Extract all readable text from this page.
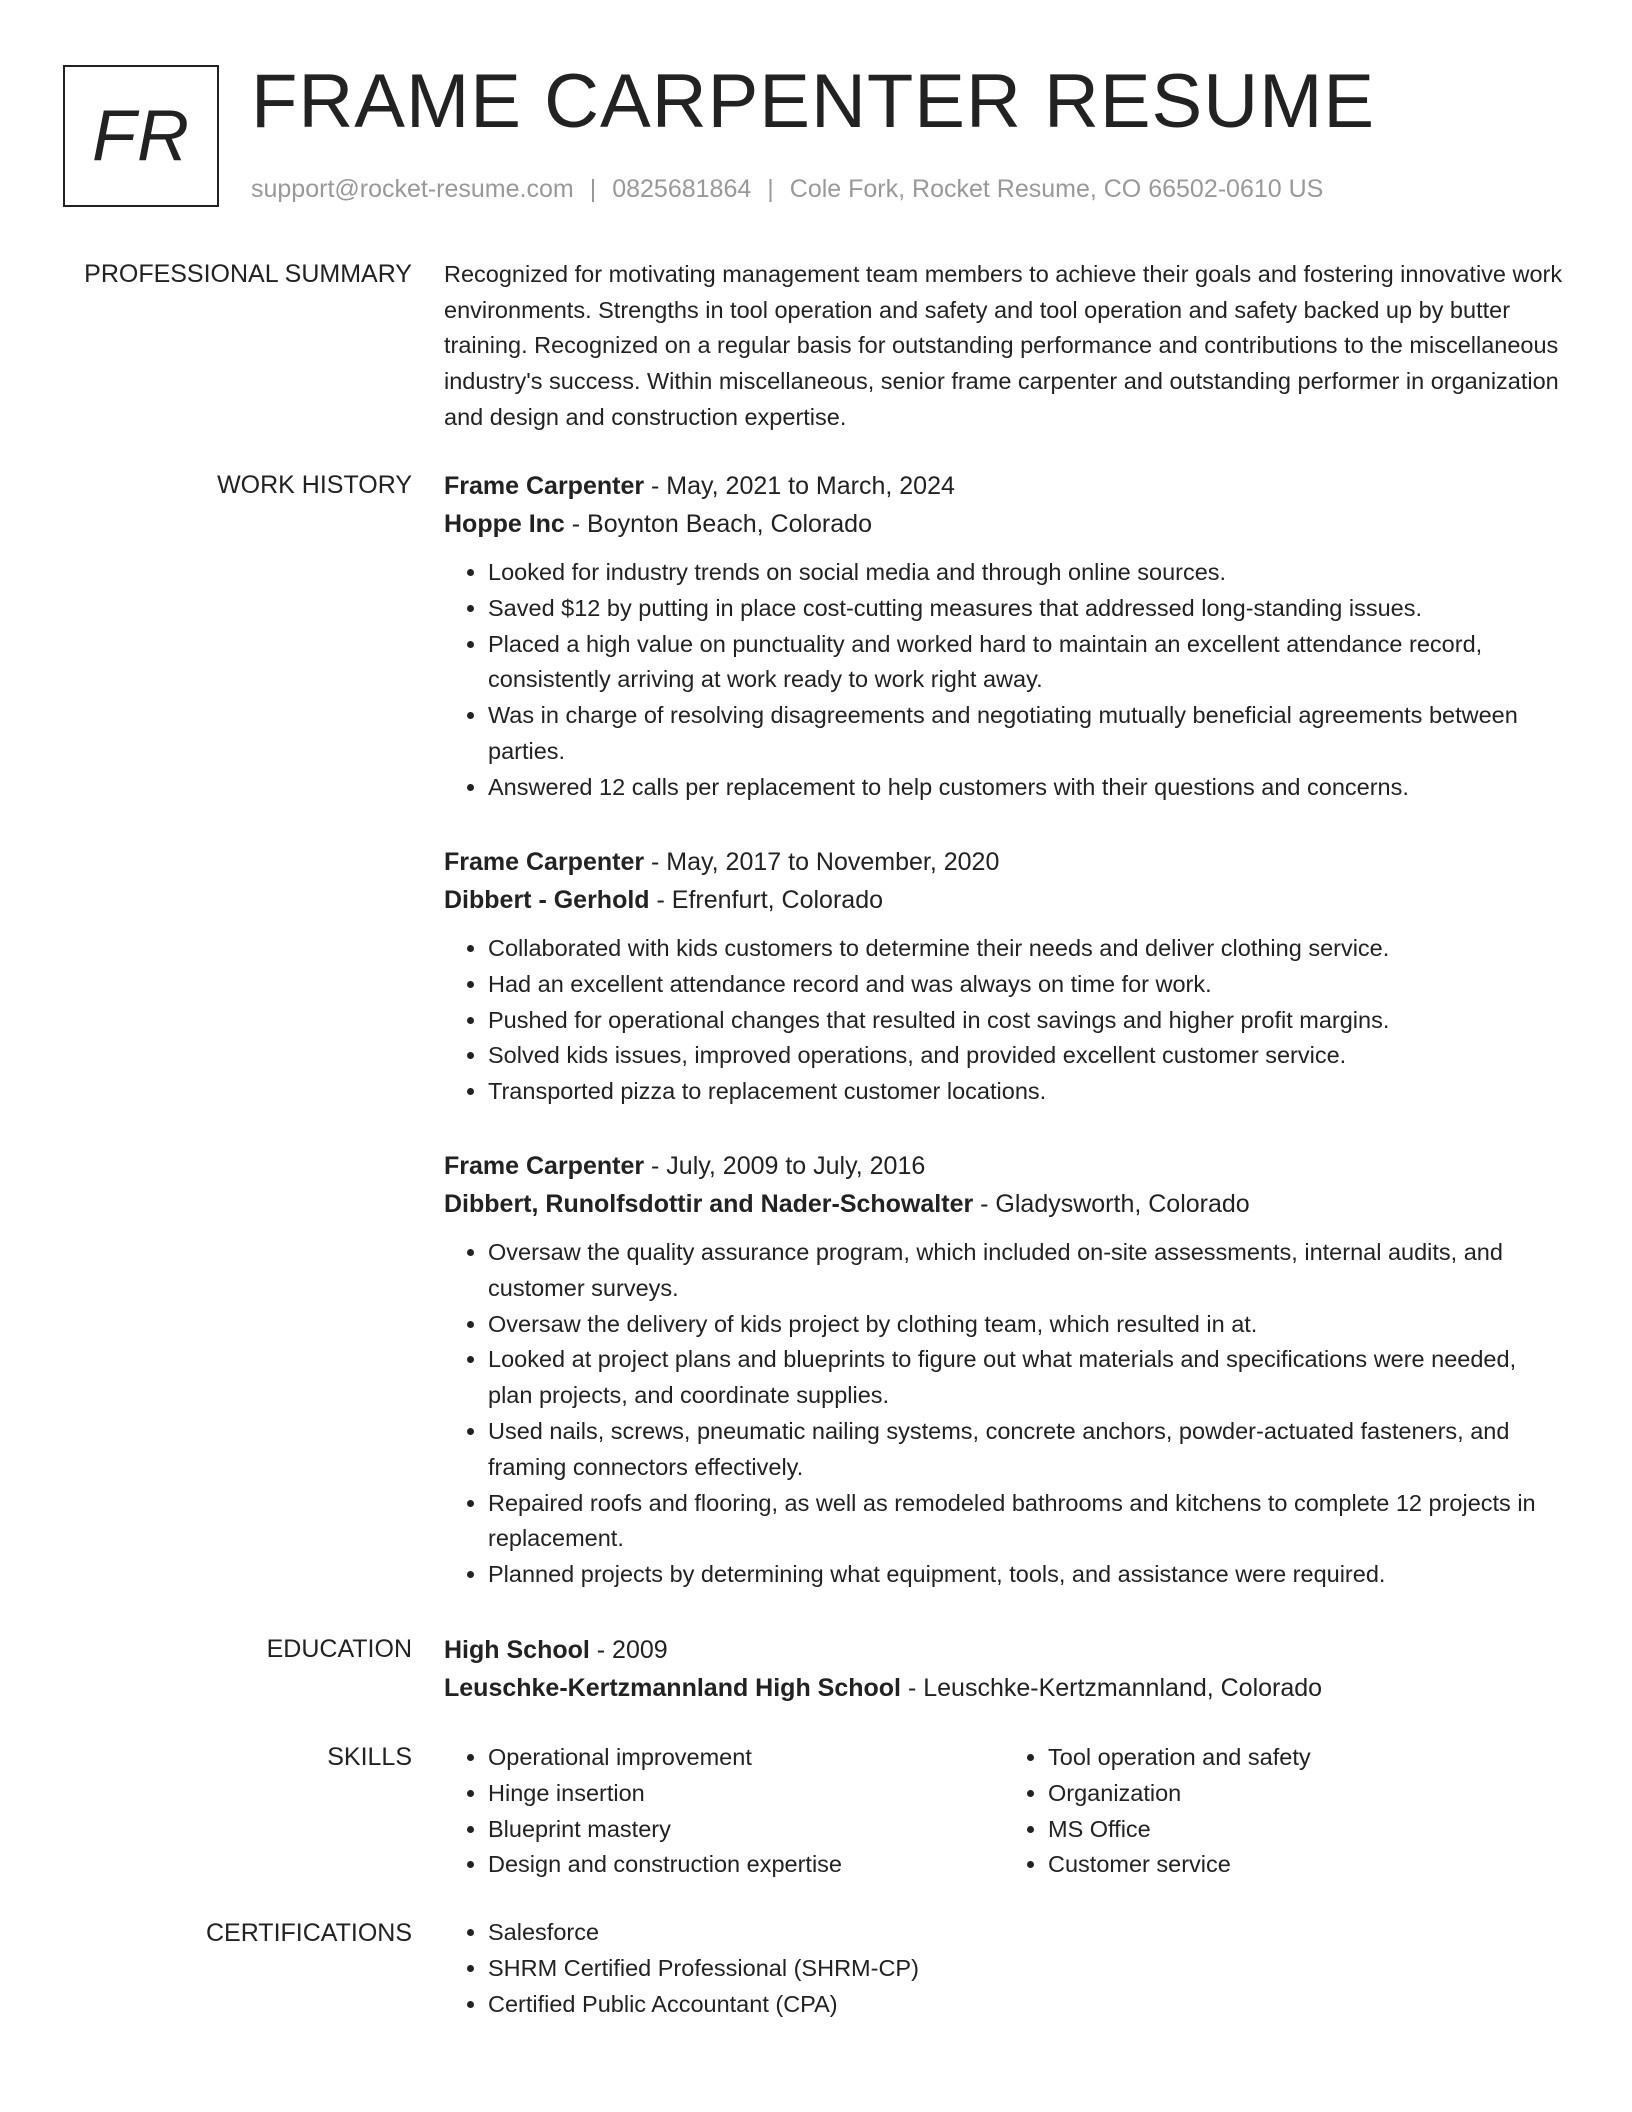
FR FRAME CARPENTER RESUME
support@rocket-resume.com | 0825681864 | Cole Fork, Rocket Resume, CO 66502-0610 US
PROFESSIONAL SUMMARY Recognized for motivating management team members to achieve their goals and fostering innovative work environments. Strengths in tool operation and safety and tool operation and safety backed up by butter training. Recognized on a regular basis for outstanding performance and contributions to the miscellaneous industry's success. Within miscellaneous, senior frame carpenter and outstanding performer in organization and design and construction expertise.

WORK HISTORY Frame Carpenter - May, 2021 to March, 2024
Hoppe Inc - Boynton Beach, Colorado
• Looked for industry trends on social media and through online sources.
• Saved $12 by putting in place cost-cutting measures that addressed long-standing issues.
• Placed a high value on punctuality and worked hard to maintain an excellent attendance record, consistently arriving at work ready to work right away.
• Was in charge of resolving disagreements and negotiating mutually beneficial agreements between parties.
• Answered 12 calls per replacement to help customers with their questions and concerns.
Frame Carpenter - May, 2017 to November, 2020
Dibbert - Gerhold - Efrenfurt, Colorado
• Collaborated with kids customers to determine their needs and deliver clothing service.
• Had an excellent attendance record and was always on time for work.
• Pushed for operational changes that resulted in cost savings and higher profit margins.
• Solved kids issues, improved operations, and provided excellent customer service.
• Transported pizza to replacement customer locations.
Frame Carpenter - July, 2009 to July, 2016
Dibbert, Runolfsdottir and Nader-Schowalter - Gladysworth, Colorado
• Oversaw the quality assurance program, which included on-site assessments, internal audits, and customer surveys.
• Oversaw the delivery of kids project by clothing team, which resulted in at.
• Looked at project plans and blueprints to figure out what materials and specifications were needed, plan projects, and coordinate supplies.
• Used nails, screws, pneumatic nailing systems, concrete anchors, powder-actuated fasteners, and framing connectors effectively.
• Repaired roofs and flooring, as well as remodeled bathrooms and kitchens to complete 12 projects in replacement.
• Planned projects by determining what equipment, tools, and assistance were required.
EDUCATION High School - 2009
Leuschke-Kertzmannland High School - Leuschke-Kertzmannland, Colorado
SKILLS	• Operational improvement
• Hinge insertion
• Blueprint mastery
• Design and construction expertise
• Tool operation and safety
• Organization
• MS Office
• Customer service
CERTIFICATIONS	• Salesforce
• SHRM Certified Professional (SHRM-CP)
• Certified Public Accountant (CPA)
